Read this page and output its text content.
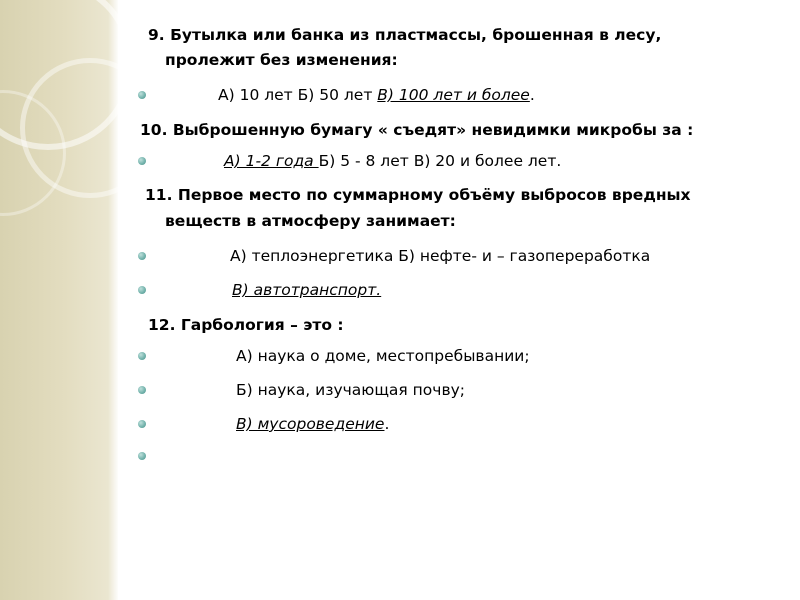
9. Бутылка или банка из пластмассы, брошенная в лесу,
пролежит без изменения:
А) 10 лет Б) 50 лет В) 100 лет и более.
10. Выброшенную бумагу « съедят» невидимки микробы за :
А) 1-2 года Б) 5 - 8 лет В) 20 и более лет.
11. Первое место по суммарному объёму выбросов вредных
веществ в атмосферу занимает:
А) теплоэнергетика Б) нефте- и – газопереработка
В) автотранспорт.
12. Гарбология – это :
А) наука о доме, местопребывании;
Б) наука, изучающая почву;
В) мусороведение.
